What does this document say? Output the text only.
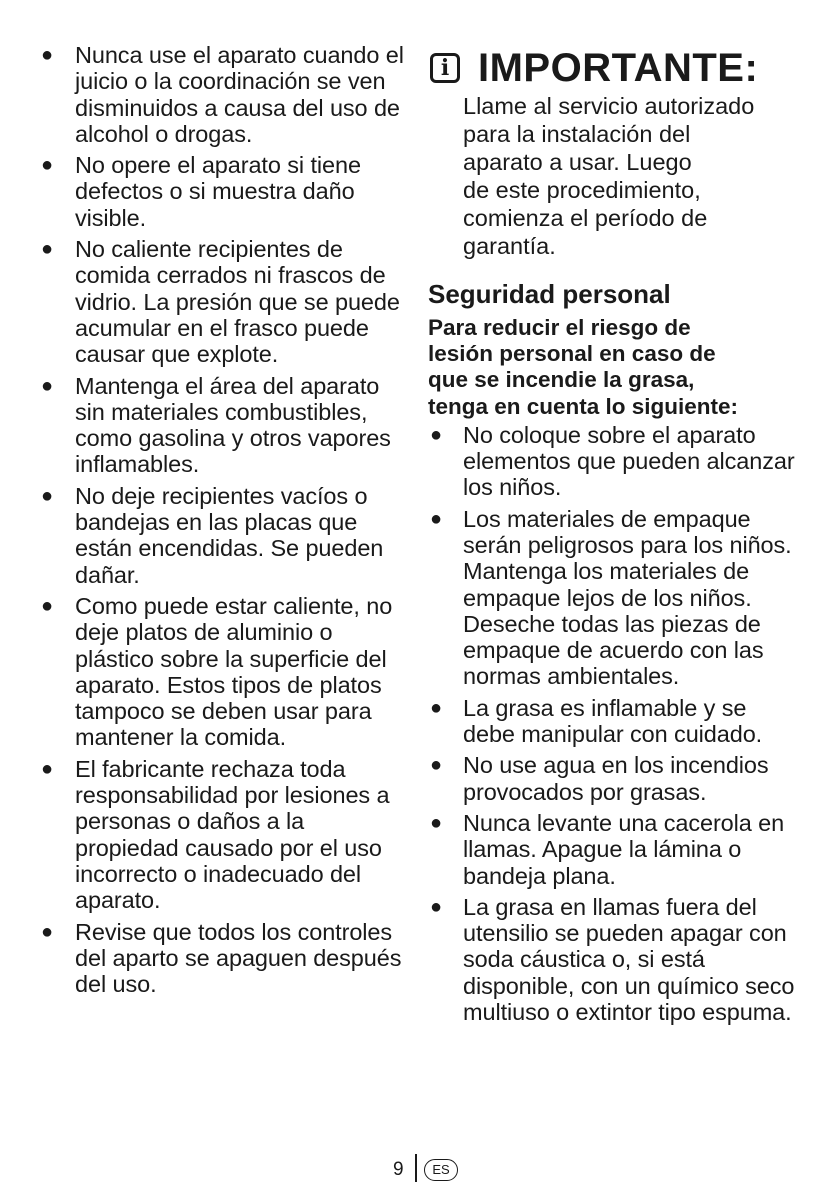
● Nunca use el aparato cuando el juicio o la coordinación se ven disminuidos a causa del uso de alcohol o drogas.
● No opere el aparato si tiene defectos o si muestra daño visible.
● No caliente recipientes de comida cerrados ni frascos de vidrio. La presión que se puede acumular en el frasco puede causar que explote.
● Mantenga el área del aparato sin materiales combustibles, como gasolina y otros vapores inflamables.
● No deje recipientes vacíos o bandejas en las placas que están encendidas. Se pueden dañar.
● Como puede estar caliente, no deje platos de aluminio o plástico sobre la superficie del aparato. Estos tipos de platos tampoco se deben usar para mantener la comida.
● El fabricante rechaza toda responsabilidad por lesiones a personas o daños a la propiedad causado por el uso incorrecto o inadecuado del aparato.
● Revise que todos los controles del aparto se apaguen después del uso.
i IMPORTANTE:
Llame al servicio autorizado
para la instalación del
aparato a usar. Luego
de este procedimiento,
comienza el período de
garantía.
Seguridad personal
Para reducir el riesgo de
lesión personal en caso de
que se incendie la grasa,
tenga en cuenta lo siguiente:
● No coloque sobre el aparato elementos que pueden alcanzar los niños.
● Los materiales de empaque serán peligrosos para los niños. Mantenga los materiales de empaque lejos de los niños. Deseche todas las piezas de empaque de acuerdo con las normas ambientales.
● La grasa es inflamable y se debe manipular con cuidado.
● No use agua en los incendios provocados por grasas.
● Nunca levante una cacerola en llamas. Apague la lámina o bandeja plana.
● La grasa en llamas fuera del utensilio se pueden apagar con soda cáustica o, si está disponible, con un químico seco multiuso o extintor tipo espuma.
9	ES
